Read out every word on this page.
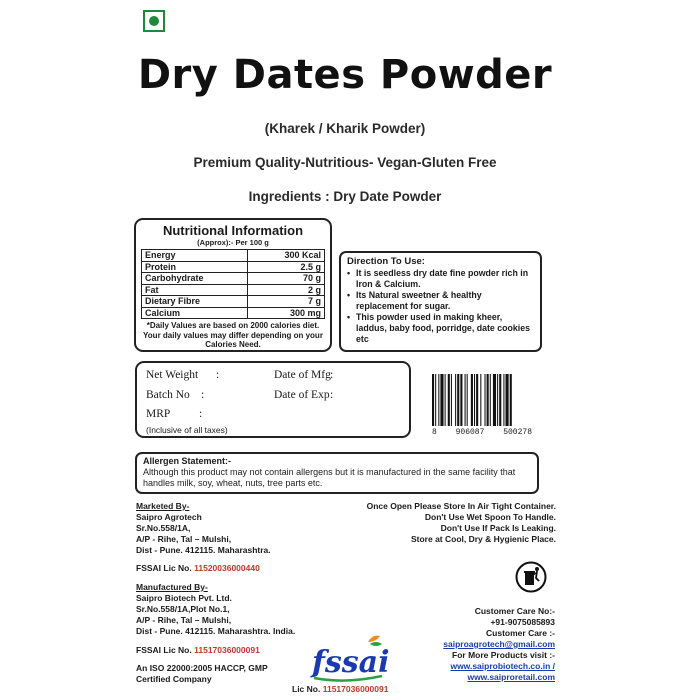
Dry Dates Powder
(Kharek / Kharik Powder)
Premium Quality-Nutritious- Vegan-Gluten Free
Ingredients : Dry Date Powder
Nutritional Information
(Approx):- Per 100 g
Energy	300 Kcal
Protein	2.5 g
Carbohydrate	70 g
Fat	2 g
Dietary Fibre	7 g
Calcium	300 mg
*Daily Values are based on 2000 calories diet. Your daily values may differ depending on your Calories Need.
Direction To Use:
• It is seedless dry date fine powder rich in Iron & Calcium.
• Its Natural sweetner & healthy replacement for sugar.
• This powder used in making kheer, laddus, baby food, porridge, date cookies etc
Net Weight :
Batch No :
MRP :
Date of Mfg :
Date of Exp :
(Inclusive of all taxes)	8 906087 500278
Allergen Statement:-
Although this product may not contain allergens but it is manufactured in the same facility that handles milk, soy, wheat, nuts, tree parts etc.
Marketed By-
Saipro Agrotech
Sr.No.558/1A,
A/P - Rihe, Tal – Mulshi,
Dist - Pune. 412115. Maharashtra.
FSSAI Lic No. 11520036000440
Manufactured By-
Saipro Biotech Pvt. Ltd.
Sr.No.558/1A,Plot No.1,
A/P - Rihe, Tal – Mulshi,
Dist - Pune. 412115. Maharashtra. India.
FSSAI Lic No. 11517036000091
An ISO 22000:2005 HACCP, GMP Certified Company
Once Open Please Store In Air Tight Container.
Don't Use Wet Spoon To Handle.
Don't Use If Pack Is Leaking.
Store at Cool, Dry & Hygienic Place.
Customer Care No:-
+91-9075085893
Customer Care :-
saiproagrotech@gmail.com
For More Products visit :-
www.saiprobiotech.co.in /
www.saiproretail.com
fssai
Lic No. 11517036000091
